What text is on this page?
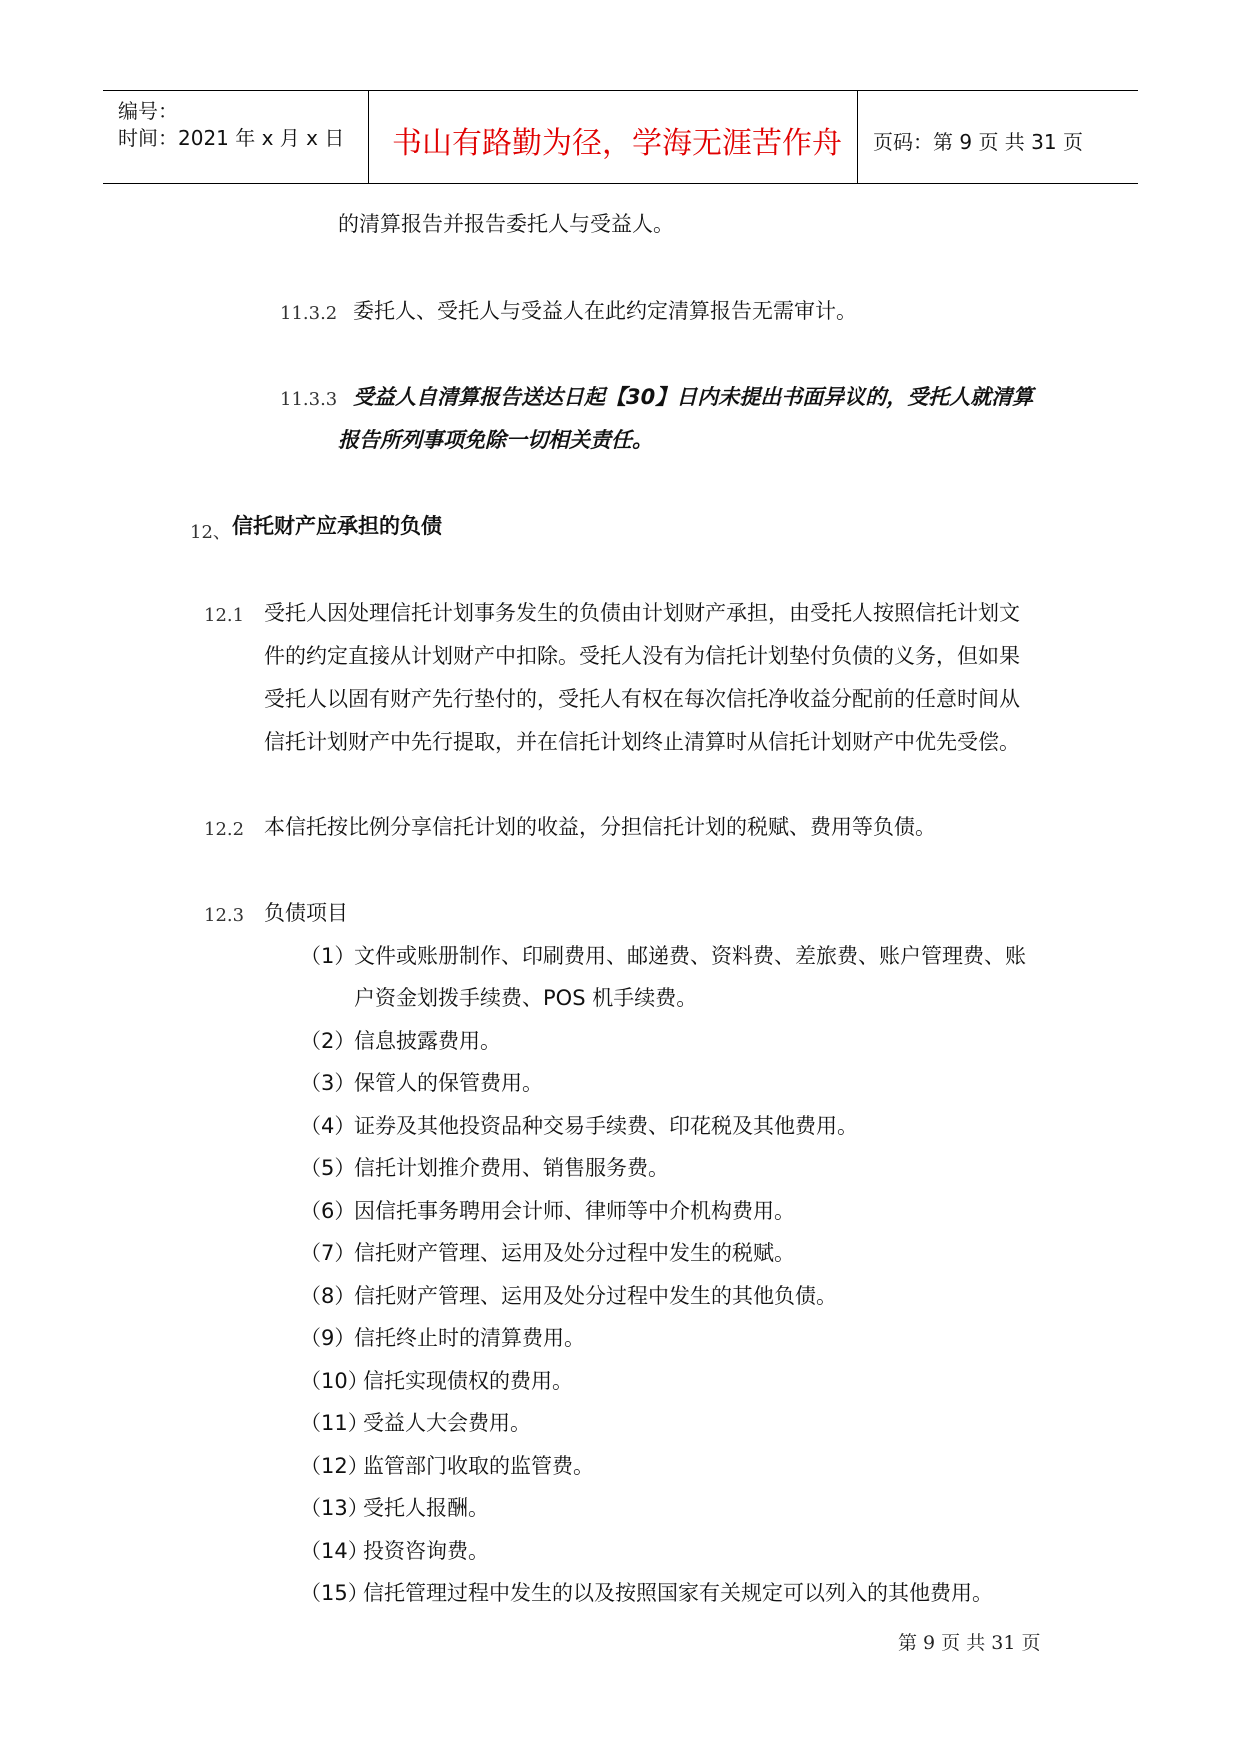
编号：
时间：2021 年 x 月 x 日 书山有路勤为径，学海无涯苦作舟 页码：第 9 页 共 31 页
的清算报告并报告委托人与受益人。
11.3.2 委托人、受托人与受益人在此约定清算报告无需审计。
11.3.3 受益人自清算报告送达日起【30】日内未提出书面异议的，受托人就清算
报告所列事项免除一切相关责任。
12、 信托财产应承担的负债
12.1 受托人因处理信托计划事务发生的负债由计划财产承担，由受托人按照信托计划文
件的约定直接从计划财产中扣除。受托人没有为信托计划垫付负债的义务，但如果
受托人以固有财产先行垫付的，受托人有权在每次信托净收益分配前的任意时间从
信托计划财产中先行提取，并在信托计划终止清算时从信托计划财产中优先受偿。
12.2 本信托按比例分享信托计划的收益，分担信托计划的税赋、费用等负债。
12.3 负债项目
（1）
文件或账册制作、印刷费用、邮递费、资料费、差旅费、账户管理费、账
户资金划拨手续费、POS 机手续费。
（2）
信息披露费用。
（3）
保管人的保管费用。
（4）
证券及其他投资品种交易手续费、印花税及其他费用。
（5）
信托计划推介费用、销售服务费。
（6）
因信托事务聘用会计师、律师等中介机构费用。
（7）
信托财产管理、运用及处分过程中发生的税赋。
（8）
信托财产管理、运用及处分过程中发生的其他负债。
（9）
信托终止时的清算费用。
（10）
信托实现债权的费用。
（11）
受益人大会费用。
（12）
监管部门收取的监管费。
（13）
受托人报酬。
（14）
投资咨询费。
（15）
信托管理过程中发生的以及按照国家有关规定可以列入的其他费用。
第 9 页 共 31 页
